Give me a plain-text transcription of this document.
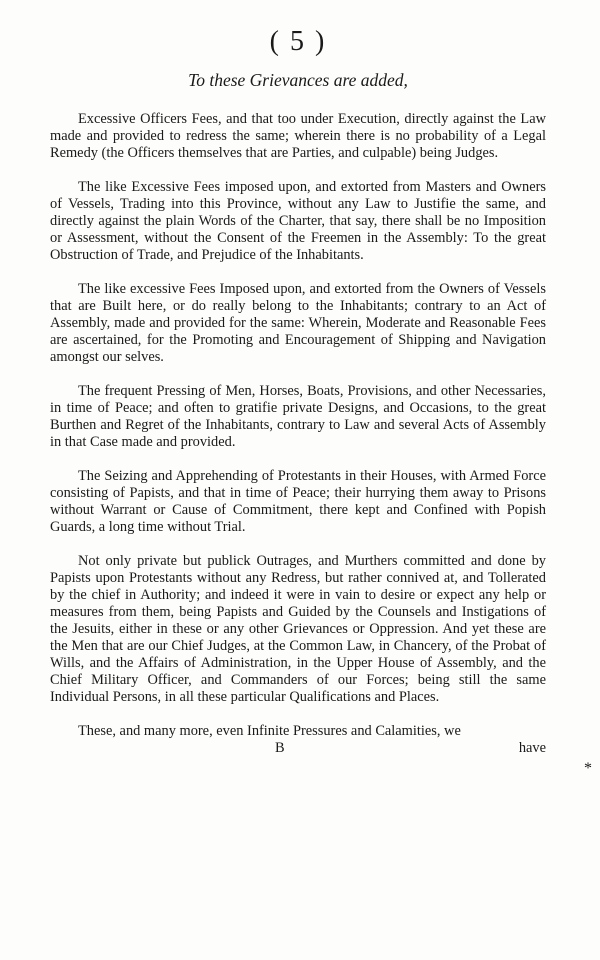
( 5 )
To these Grievances are added,

Excessive Officers Fees, and that too under Execution, directly against the Law made and provided to redress the same; wherein there is no probability of a Legal Remedy (the Officers themselves that are Parties, and culpable) being Judges.

The like Excessive Fees imposed upon, and extorted from Masters and Owners of Vessels, Trading into this Province, without any Law to Justifie the same, and directly against the plain Words of the Charter, that say, there shall be no Imposition or Assessment, without the Consent of the Freemen in the Assembly: To the great Obstruction of Trade, and Prejudice of the Inhabitants.

The like excessive Fees Imposed upon, and extorted from the Owners of Vessels that are Built here, or do really belong to the Inhabitants; contrary to an Act of Assembly, made and provided for the same: Wherein, Moderate and Reasonable Fees are ascertained, for the Promoting and Encouragement of Shipping and Navigation amongst our selves.

The frequent Pressing of Men, Horses, Boats, Provisions, and other Necessaries, in time of Peace; and often to gratifie private Designs, and Occasions, to the great Burthen and Regret of the Inhabitants, contrary to Law and several Acts of Assembly in that Case made and provided.

The Seizing and Apprehending of Protestants in their Houses, with Armed Force consisting of Papists, and that in time of Peace; their hurrying them away to Prisons without Warrant or Cause of Commitment, there kept and Confined with Popish Guards, a long time without Trial.

Not only private but publick Outrages, and Murthers committed and done by Papists upon Protestants without any Redress, but rather connived at, and Tollerated by the chief in Authority; and indeed it were in vain to desire or expect any help or measures from them, being Papists and Guided by the Counsels and Instigations of the Jesuits, either in these or any other Grievances or Oppression. And yet these are the Men that are our Chief Judges, at the Common Law, in Chancery, of the Probat of Wills, and the Affairs of Administration, in the Upper House of Assembly, and the Chief Military Officer, and Commanders of our Forces; being still the same Individual Persons, in all these particular Qualifications and Places.

These, and many more, even Infinite Pressures and Calamities, we

B	have
*
